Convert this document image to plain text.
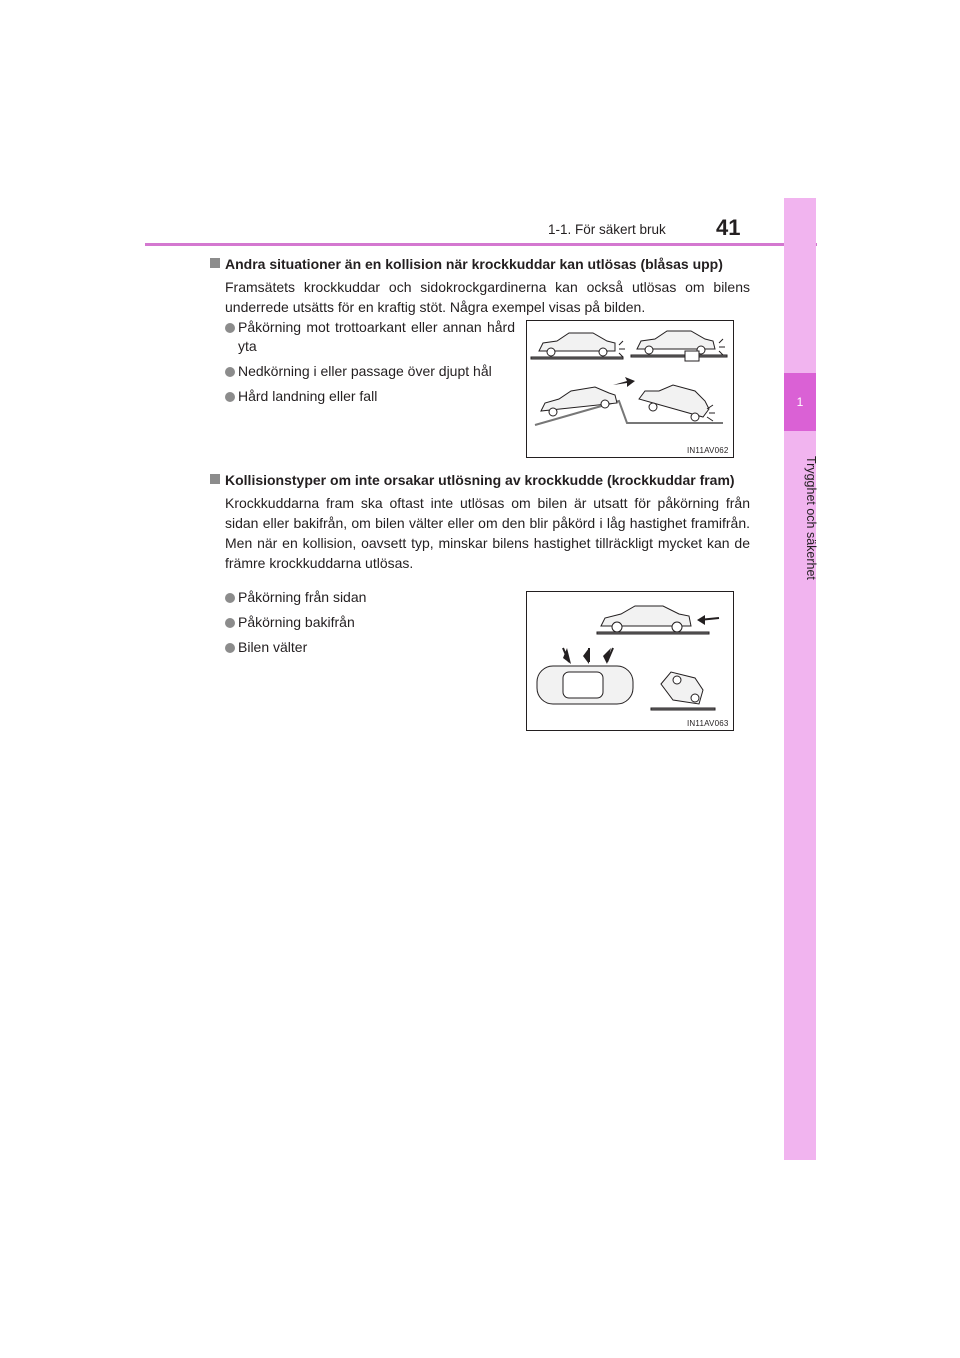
1-1. För säkert bruk 41
1
Trygghet och säkerhet
Andra situationer än en kollision när krockkuddar kan utlösas (blåsas upp)
Framsätets krockkuddar och sidokrockgardinerna kan också utlösas om bilens underrede utsätts för en kraftig stöt. Några exempel visas på bilden.
Påkörning mot trottoarkant eller annan hård yta
Nedkörning i eller passage över djupt hål
Hård landning eller fall
IN11AV062
Kollisionstyper om inte orsakar utlösning av krockkudde (krockkuddar fram)
Krockkuddarna fram ska oftast inte utlösas om bilen är utsatt för påkörning från sidan eller bakifrån, om bilen välter eller om den blir påkörd i låg hastighet framifrån. Men när en kollision, oavsett typ, minskar bilens hastighet tillräckligt mycket kan de främre krockkuddarna utlösas.
Påkörning från sidan
Påkörning bakifrån
Bilen välter
IN11AV063
